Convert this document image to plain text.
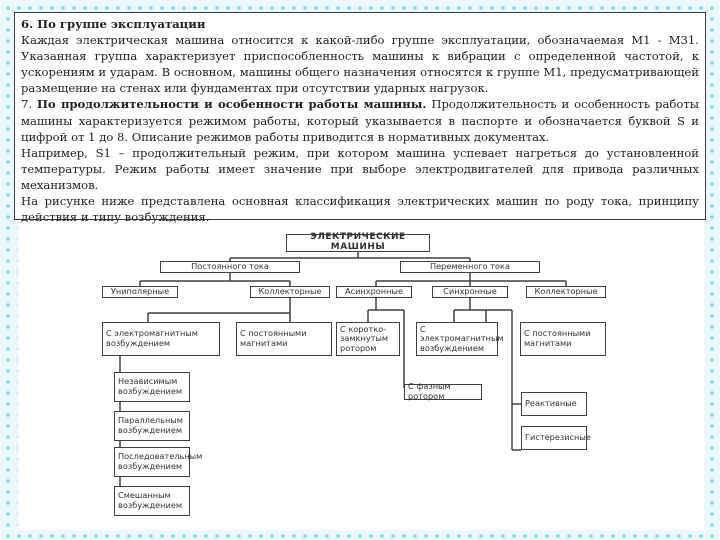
6. По группе эксплуатации
Каждая электрическая машина относится к какой-либо группе эксплуатации, обозначаемая М1 - М31. Указанная группа характеризует приспособленность машины к вибрации с определенной частотой, к ускорениям и ударам. В основном, машины общего назначения относятся к группе М1, предусматривающей размещение на стенах или фундаментах при отсутствии ударных нагрузок.

7. По продолжительности и особенности работы машины. Продолжительность и особенность работы машины характеризуется режимом работы, который указывается в паспорте и обозначается буквой S и цифрой от 1 до 8. Описание режимов работы приводится в нормативных документах.

Например, S1 – продолжительный режим, при котором машина успевает нагреться до установленной температуры. Режим работы имеет значение при выборе электродвигателей для привода различных механизмов.

На рисунке ниже представлена основная классификация электрических машин по роду тока, принципу действия и типу возбуждения.

ЭЛЕКТРИЧЕСКИЕ МАШИНЫ
Постоянного тока	Переменного тока
Униполярные	Коллекторные	Асинхронные	Синхронные	Коллекторные
С электромагнитным возбуждением
С постоянными магнитами
С коротко-замкнутым ротором
С электромагнитным возбуждением
С постоянными магнитами
С фазным ротором
Реактивные
Гистерезисные
Независимым возбуждением
Параллельным возбуждением
Последовательным возбуждением
Смешанным возбуждением
